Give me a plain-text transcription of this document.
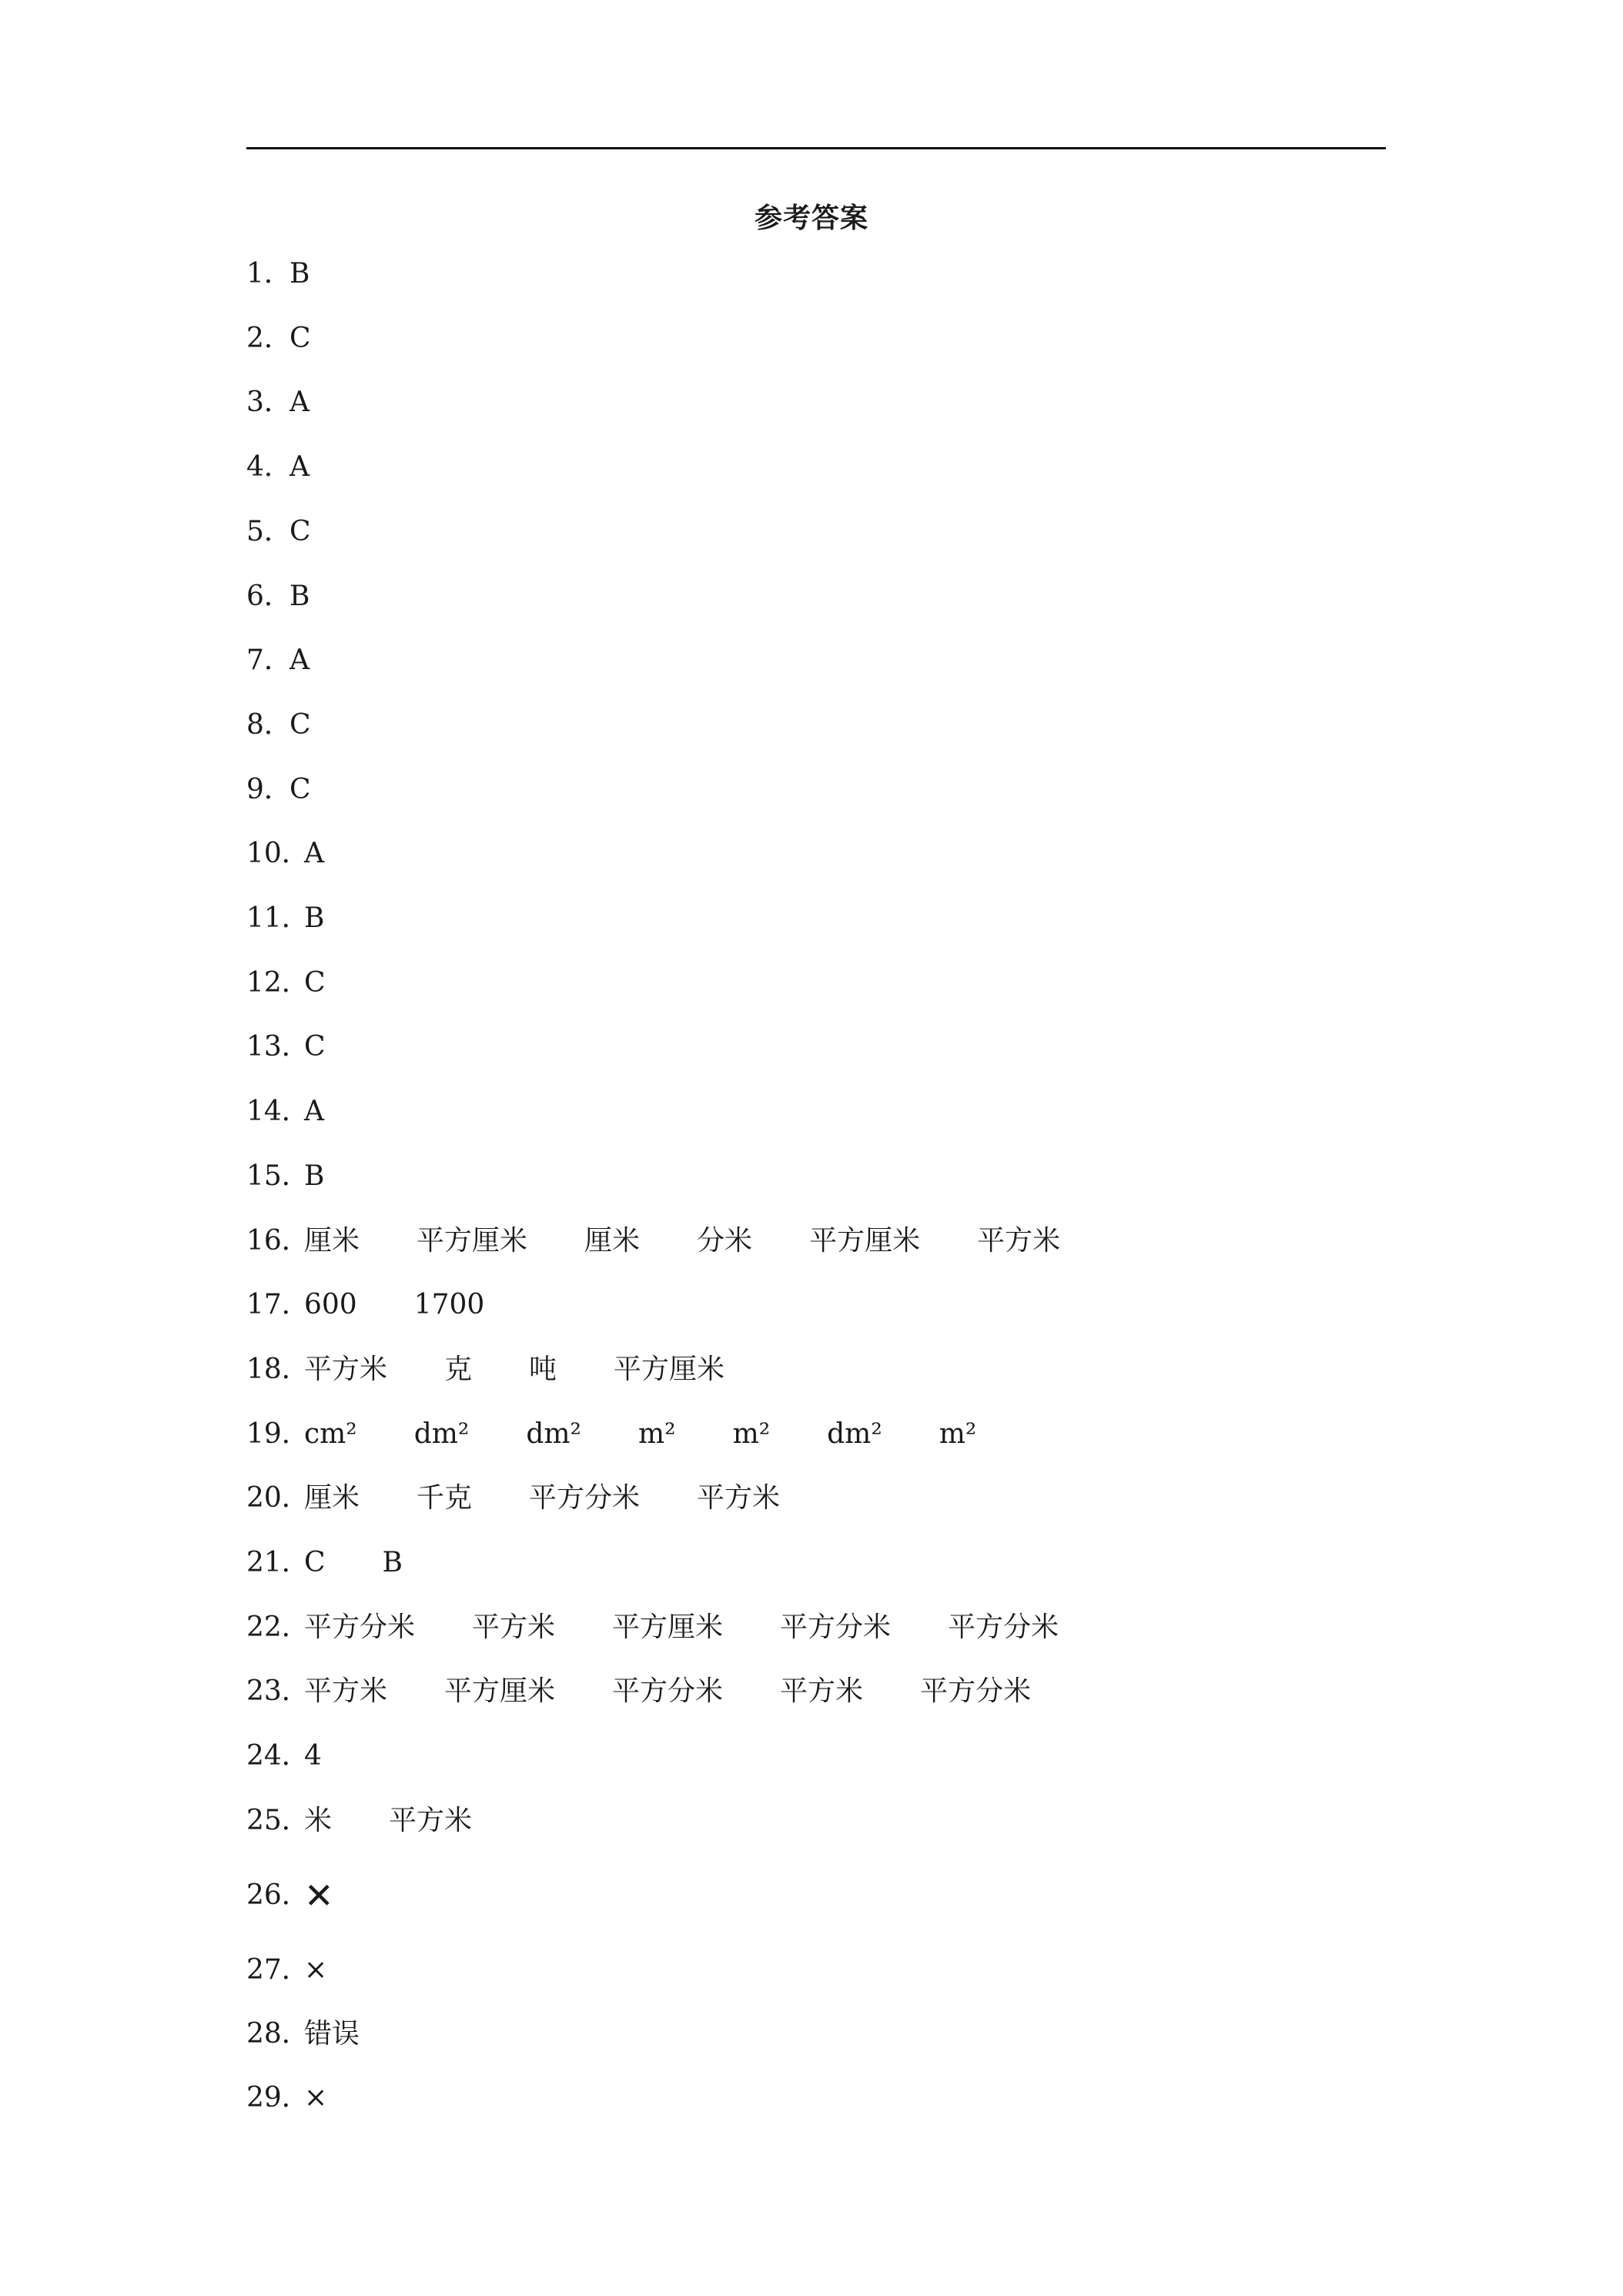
参考答案
1．B
2．C
3．A
4．A
5．C
6．B
7．A
8．C
9．C
10．A
11．B
12．C
13．C
14．A
15．B
16．厘米 平方厘米 厘米 分米 平方厘米 平方米
17．600 1700
18．平方米 克 吨 平方厘米
19．cm² dm² dm² m² m² dm² m²
20．厘米 千克 平方分米 平方米
21．C B
22．平方分米 平方米 平方厘米 平方分米 平方分米
23．平方米 平方厘米 平方分米 平方米 平方分米
24．4
25．米 平方米
26．✕
27．×
28．错误
29．×
